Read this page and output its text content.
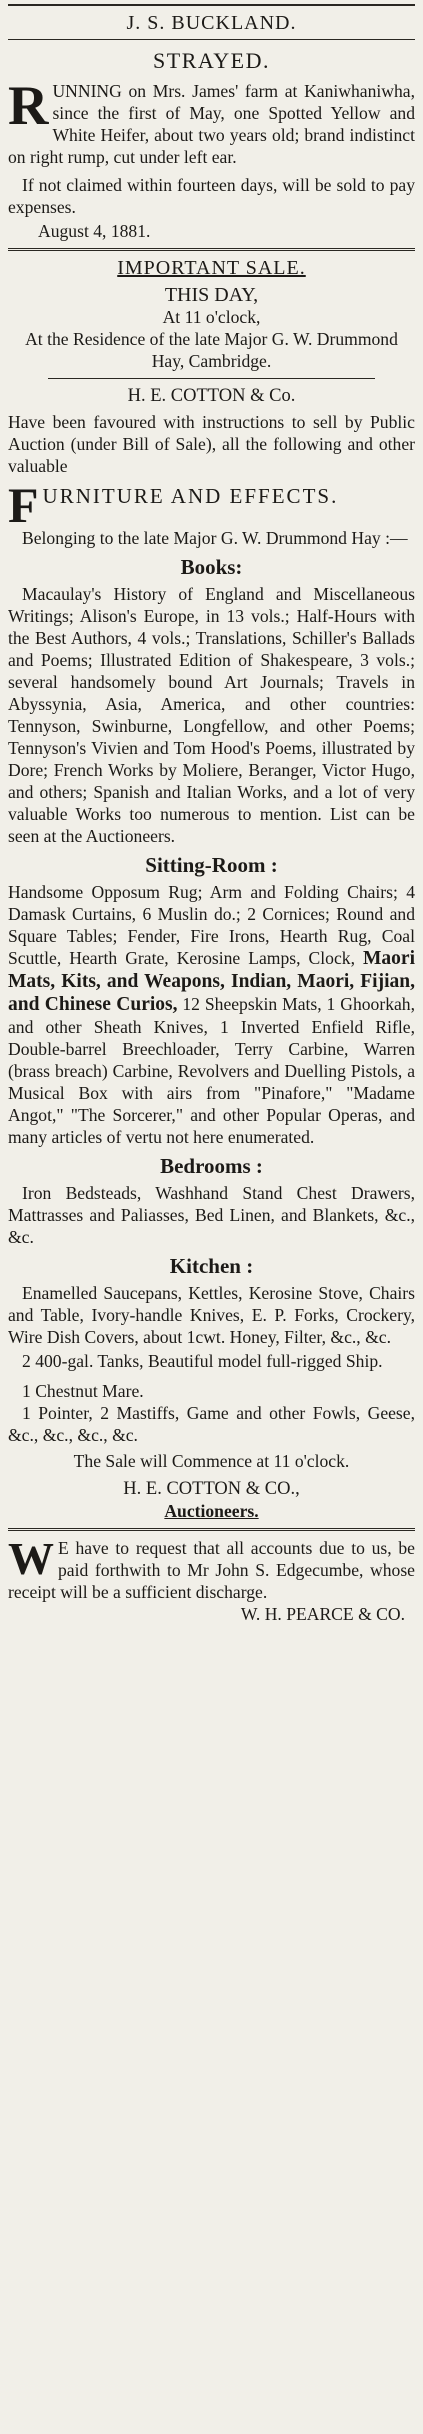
J. S. BUCKLAND.
STRAYED.
RUNNING on Mrs. James' farm at Kaniwhaniwha, since the first of May, one Spotted Yellow and White Heifer, about two years old; brand indistinct on right rump, cut under left ear.
If not claimed within fourteen days, will be sold to pay expenses.
August 4, 1881.
IMPORTANT SALE.
THIS DAY,
At 11 o'clock,
At the Residence of the late Major G. W. Drummond Hay, Cambridge.
H. E. COTTON & Co.
Have been favoured with instructions to sell by Public Auction (under Bill of Sale), all the following and other valuable
F URNITURE AND EFFECTS.
Belonging to the late Major G. W. Drummond Hay :—
Books:
Macaulay's History of England and Miscellaneous Writings; Alison's Europe, in 13 vols.; Half-Hours with the Best Authors, 4 vols.; Translations, Schiller's Ballads and Poems; Illustrated Edition of Shakespeare, 3 vols.; several handsomely bound Art Journals; Travels in Abyssynia, Asia, America, and other countries: Tennyson, Swinburne, Longfellow, and other Poems; Tennyson's Vivien and Tom Hood's Poems, illustrated by Dore; French Works by Moliere, Beranger, Victor Hugo, and others; Spanish and Italian Works, and a lot of very valuable Works too numerous to mention. List can be seen at the Auctioneers.
Sitting-Room :
Handsome Opposum Rug; Arm and Folding Chairs; 4 Damask Curtains, 6 Muslin do.; 2 Cornices; Round and Square Tables; Fender, Fire Irons, Hearth Rug, Coal Scuttle, Hearth Grate, Kerosine Lamps, Clock, Maori Mats, Kits, and Weapons, Indian, Maori, Fijian, and Chinese Curios, 12 Sheepskin Mats, 1 Ghoorkah, and other Sheath Knives, 1 Inverted Enfield Rifle, Double-barrel Breechloader, Terry Carbine, Warren (brass breach) Carbine, Revolvers and Duelling Pistols, a Musical Box with airs from "Pinafore," "Madame Angot," "The Sorcerer," and other Popular Operas, and many articles of vertu not here enumerated.
Bedrooms :
Iron Bedsteads, Washhand Stand Chest Drawers, Mattrasses and Paliasses, Bed Linen, and Blankets, &c., &c.
Kitchen :
Enamelled Saucepans, Kettles, Kerosine Stove, Chairs and Table, Ivory-handle Knives, E. P. Forks, Crockery, Wire Dish Covers, about 1cwt. Honey, Filter, &c., &c.
2 400-gal. Tanks, Beautiful model full-rigged Ship.
1 Chestnut Mare.
1 Pointer, 2 Mastiffs, Game and other Fowls, Geese, &c., &c., &c., &c.
The Sale will Commence at 11 o'clock.
H. E. COTTON & CO.,
Auctioneers.
W E have to request that all accounts due to us, be paid forthwith to Mr John S. Edgecumbe, whose receipt will be a sufficient discharge.
W. H. PEARCE & CO.
